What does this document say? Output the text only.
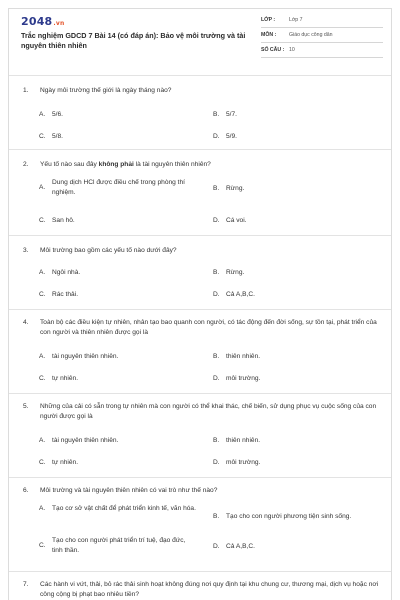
2048.vn
Trắc nghiệm GDCD 7 Bài 14 (có đáp án): Bảo vệ môi trường và tài nguyên thiên nhiên
LỚP :	Lớp 7
MÔN :	Giáo dục công dân
SỐ CÂU : 10
1. Ngày môi trường thế giới là ngày tháng nào?
A.	5/6.	B.	5/7.
C. 5/8.	D. 5/9.
2. Yếu tố nào sau đây không phải là tài nguyên thiên nhiên?
A.
Dung dịch HCl được điều chế trong phòng thí nghiệm.
B.	Rừng.
C. San hô.	D. Cá voi.
3. Môi trường bao gồm các yếu tố nào dưới đây?
A.	Ngôi nhà.	B.	Rừng.
C. Rác thải.	D. Cả A,B,C.
4. Toàn bộ các điều kiện tự nhiên, nhân tạo bao quanh con người, có tác động đến đời sống, sự tồn tại, phát triển của con người và thiên nhiên được gọi là
A.	tài nguyên thiên nhiên.	B.	thiên nhiên.
C. tự nhiên.	D. môi trường.
5. Những của cải có sẵn trong tự nhiên mà con người có thể khai thác, chế biến, sử dụng phục vụ cuộc sống của con người được gọi là
A.	tài nguyên thiên nhiên.	B.	thiên nhiên.
C. tự nhiên.	D. môi trường.
6. Môi trường và tài nguyên thiên nhiên có vai trò như thế nào?
A.	Tạo cơ sở vật chất để phát triển kinh tế, văn hóa.
B.	Tạo cho con người phương tiện sinh sống.
C.
Tạo cho con người phát triển trí tuệ, đạo đức, tinh thần.
D. Cả A,B,C.
7. Các hành vi vứt, thải, bỏ rác thải sinh hoạt không đúng nơi quy định tại khu chung cư, thương mại, dịch vụ hoặc nơi công cộng bị phạt bao nhiêu tiền?
